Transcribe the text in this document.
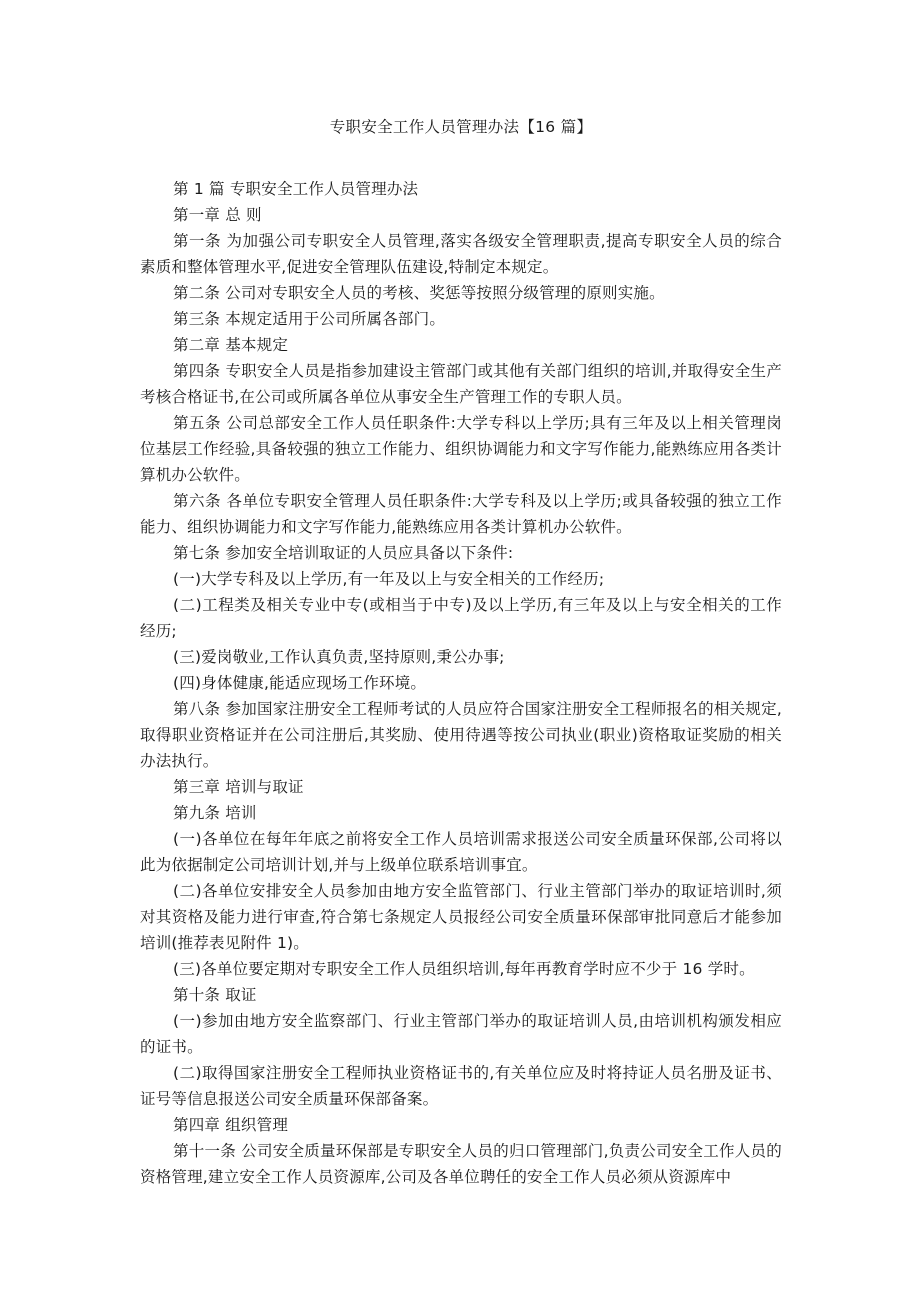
专职安全工作人员管理办法【16 篇】

第 1 篇 专职安全工作人员管理办法

第一章 总 则

第一条 为加强公司专职安全人员管理,落实各级安全管理职责,提高专职安全人员的综合素质和整体管理水平,促进安全管理队伍建设,特制定本规定。

第二条 公司对专职安全人员的考核、奖惩等按照分级管理的原则实施。

第三条 本规定适用于公司所属各部门。

第二章 基本规定

第四条 专职安全人员是指参加建设主管部门或其他有关部门组织的培训,并取得安全生产考核合格证书,在公司或所属各单位从事安全生产管理工作的专职人员。

第五条 公司总部安全工作人员任职条件:大学专科以上学历;具有三年及以上相关管理岗位基层工作经验,具备较强的独立工作能力、组织协调能力和文字写作能力,能熟练应用各类计算机办公软件。

第六条 各单位专职安全管理人员任职条件:大学专科及以上学历;或具备较强的独立工作能力、组织协调能力和文字写作能力,能熟练应用各类计算机办公软件。

第七条 参加安全培训取证的人员应具备以下条件:

(一)大学专科及以上学历,有一年及以上与安全相关的工作经历;

(二)工程类及相关专业中专(或相当于中专)及以上学历,有三年及以上与安全相关的工作经历;

(三)爱岗敬业,工作认真负责,坚持原则,秉公办事;

(四)身体健康,能适应现场工作环境。

第八条 参加国家注册安全工程师考试的人员应符合国家注册安全工程师报名的相关规定,取得职业资格证并在公司注册后,其奖励、使用待遇等按公司执业(职业)资格取证奖励的相关办法执行。

第三章 培训与取证

第九条 培训

(一)各单位在每年年底之前将安全工作人员培训需求报送公司安全质量环保部,公司将以此为依据制定公司培训计划,并与上级单位联系培训事宜。

(二)各单位安排安全人员参加由地方安全监管部门、行业主管部门举办的取证培训时,须对其资格及能力进行审查,符合第七条规定人员报经公司安全质量环保部审批同意后才能参加培训(推荐表见附件 1)。

(三)各单位要定期对专职安全工作人员组织培训,每年再教育学时应不少于 16 学时。

第十条 取证

(一)参加由地方安全监察部门、行业主管部门举办的取证培训人员,由培训机构颁发相应的证书。

(二)取得国家注册安全工程师执业资格证书的,有关单位应及时将持证人员名册及证书、证号等信息报送公司安全质量环保部备案。

第四章 组织管理

第十一条 公司安全质量环保部是专职安全人员的归口管理部门,负责公司安全工作人员的资格管理,建立安全工作人员资源库,公司及各单位聘任的安全工作人员必须从资源库中
